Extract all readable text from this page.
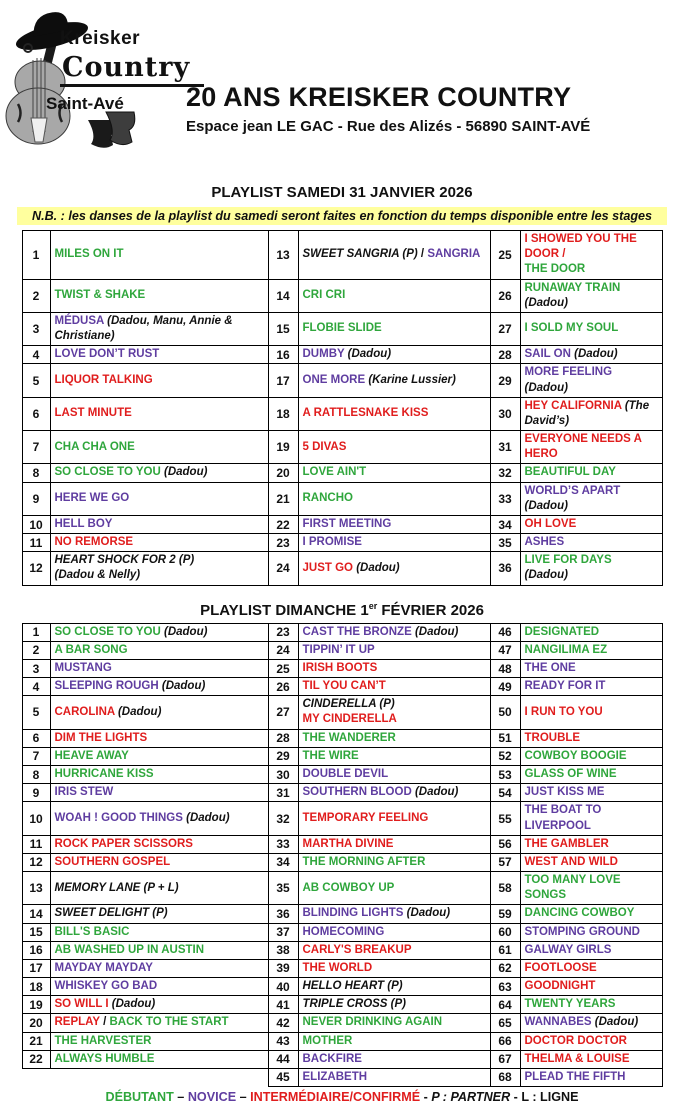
Kreisker
Country
Saint-Avé 20 ANS KREISKER COUNTRY
Espace jean LE GAC - Rue des Alizés - 56890 SAINT-AVÉ
PLAYLIST SAMEDI 31 JANVIER 2026
N.B. : les danses de la playlist du samedi seront faites en fonction du temps disponible entre les stages
1	MILES ON IT	13	SWEET SANGRIA (P) / SANGRIA	25	I SHOWED YOU THE DOOR /
THE DOOR
2	TWIST & SHAKE	14	CRI CRI	26	RUNAWAY TRAIN (Dadou)
3	MÉDUSA (Dadou, Manu, Annie & Christiane)	15	FLOBIE SLIDE	27	I SOLD MY SOUL
4	LOVE DON’T RUST	16	DUMBY (Dadou)	28	SAIL ON (Dadou)
5	LIQUOR TALKING	17	ONE MORE (Karine Lussier)	29	MORE FEELING (Dadou)
6	LAST MINUTE	18	A RATTLESNAKE KISS	30	HEY CALIFORNIA (The David’s)
7	CHA CHA ONE	19	5 DIVAS	31	EVERYONE NEEDS A HERO
8	SO CLOSE TO YOU (Dadou)	20	LOVE AIN'T	32	BEAUTIFUL DAY
9	HERE WE GO	21	RANCHO	33	WORLD’S APART (Dadou)
10	HELL BOY	22	FIRST MEETING	34	OH LOVE
11	NO REMORSE	23	I PROMISE	35	ASHES
12	HEART SHOCK FOR 2 (P)
(Dadou & Nelly)	24	JUST GO (Dadou)	36	LIVE FOR DAYS (Dadou)
PLAYLIST DIMANCHE 1er FÉVRIER 2026
1	SO CLOSE TO YOU (Dadou)	23	CAST THE BRONZE (Dadou)	46	DESIGNATED
2	A BAR SONG	24	TIPPIN’ IT UP	47	NANGILIMA EZ
3	MUSTANG	25	IRISH BOOTS	48	THE ONE
4	SLEEPING ROUGH (Dadou)	26	TIL YOU CAN’T	49	READY FOR IT
5	CAROLINA (Dadou)	27	CINDERELLA (P)
MY CINDERELLA	50	I RUN TO YOU
6	DIM THE LIGHTS	28	THE WANDERER	51	TROUBLE
7	HEAVE AWAY	29	THE WIRE	52	COWBOY BOOGIE
8	HURRICANE KISS	30	DOUBLE DEVIL	53	GLASS OF WINE
9	IRIS STEW	31	SOUTHERN BLOOD (Dadou)	54	JUST KISS ME
10	WOAH ! GOOD THINGS (Dadou)	32	TEMPORARY FEELING	55	THE BOAT TO LIVERPOOL
11	ROCK PAPER SCISSORS	33	MARTHA DIVINE	56	THE GAMBLER
12	SOUTHERN GOSPEL	34	THE MORNING AFTER	57	WEST AND WILD
13	MEMORY LANE (P + L)	35	AB COWBOY UP	58	TOO MANY LOVE SONGS
14	SWEET DELIGHT (P)	36	BLINDING LIGHTS (Dadou)	59	DANCING COWBOY
15	BILL'S BASIC	37	HOMECOMING	60	STOMPING GROUND
16	AB WASHED UP IN AUSTIN	38	CARLY'S BREAKUP	61	GALWAY GIRLS
17	MAYDAY MAYDAY	39	THE WORLD	62	FOOTLOOSE
18	WHISKEY GO BAD	40	HELLO HEART (P)	63	GOODNIGHT
19	SO WILL I (Dadou)	41	TRIPLE CROSS (P)	64	TWENTY YEARS
20	REPLAY / BACK TO THE START	42	NEVER DRINKING AGAIN	65	WANNABES (Dadou)
21	THE HARVESTER	43	MOTHER	66	DOCTOR DOCTOR
22	ALWAYS HUMBLE	44	BACKFIRE	67	THELMA & LOUISE
		45	ELIZABETH	68	PLEAD THE FIFTH
DÉBUTANT – NOVICE – INTERMÉDIAIRE/CONFIRMÉ - P : PARTNER - L : LIGNE
